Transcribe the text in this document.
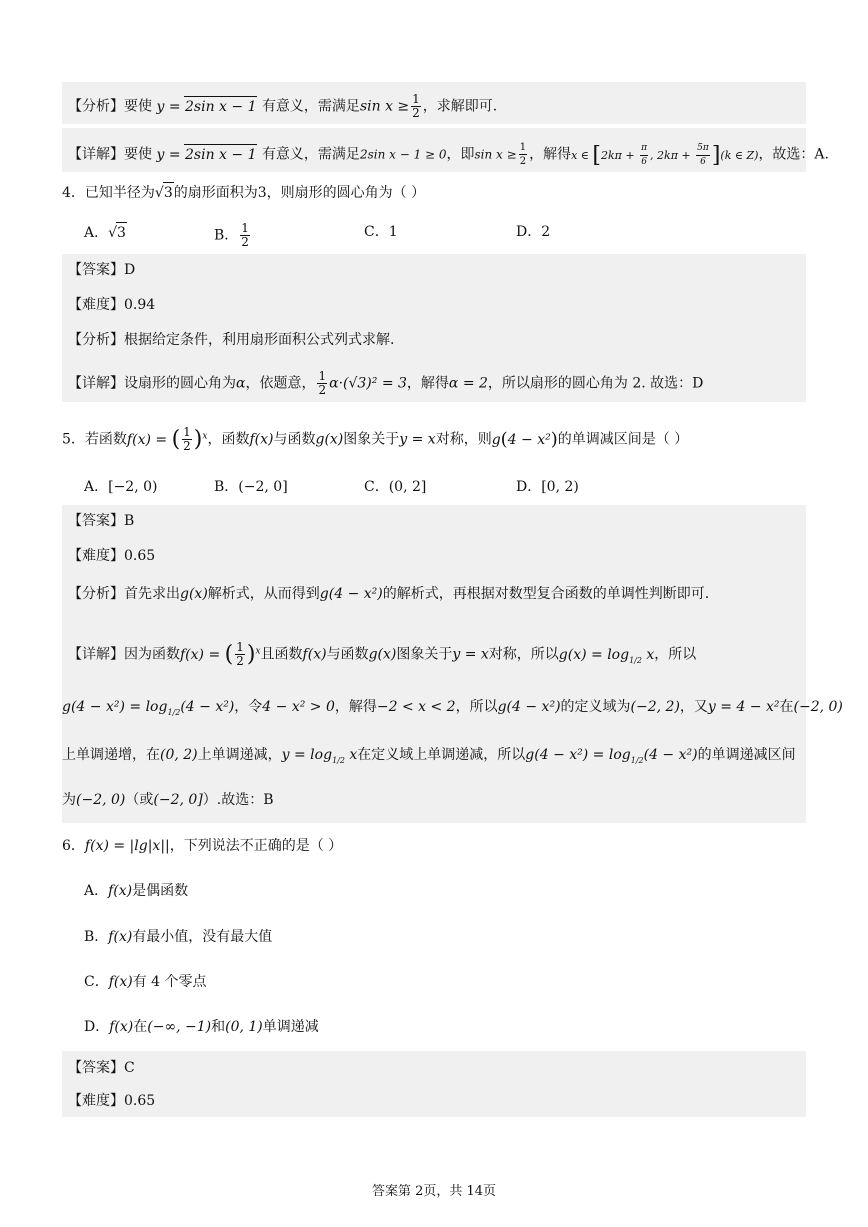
【分析】要使 y = 2sin x − 1 有意义，需满足$\sin x \ge \frac{1}{2}$ ，求解即可.
【详解】要使 y = 2sin x − 1 有意义，需满足2sin x − 1 ≥ 0，即$\sin x \ge \frac{1}{2}$ ，解得x ∈ [$2k\pi + \frac{\pi}{6}$ , $2k\pi + \frac{5\pi}{6} ](k$ ∈ Z)，故选：A.
4．已知半径为√3的扇形面积为3，则扇形的圆心角为（ ）
A．√3	B． $\frac{1}{2}$	C．1	D．2
【答案】D
【难度】0.94
【分析】根据给定条件，利用扇形面积公式列式求解.
【详解】设扇形的圆心角为α，依题意， $\frac{1}{2} \alpha\cdot(√3)^2 = 3$，解得α = 2，所以扇形的圆心角为 2. 故选：D
5．若函数f(x) = ( $\frac{1}{2} )^x$，函数f(x)与函数g(x)图象关于y = x对称，则g(4 − x²)的单调减区间是（ ）
A．[−2, 0)	B．(−2, 0]	C．(0, 2]	D．[0, 2)
【答案】B
【难度】0.65
【分析】首先求出g(x)解析式，从而得到g(4 − x²)的解析式，再根据对数型复合函数的单调性判断即可.
【详解】因为函数f(x) = ( $\frac{1}{2} )^x$且函数f(x)与函数g(x)图象关于y = x对称，所以$g(x) = \log_{1/2} x$，所以
$g(4 - x^2) = \log_{1/2}(4 - x^2)$，令4 − x² > 0，解得−2 < x < 2，所以g(4 − x²)的定义域为(−2, 2)，又y = 4 − x²在(−2, 0)
上单调递增，在(0, 2)上单调递减，$y = \log_{1/2} x$在定义域上单调递减，所以$g(4 - x^2) = \log_{1/2}(4 - x^2)$的单调递减区间
为(−2, 0)（或(−2, 0]）.故选：B
6．f(x) = |lg|x||，下列说法不正确的是（ ）
A．f(x)是偶函数
B．f(x)有最小值，没有最大值
C．f(x)有 4 个零点
D．f(x)在(−∞, −1)和(0, 1)单调递减
【答案】C
【难度】0.65
答案第 2页，共 14页
